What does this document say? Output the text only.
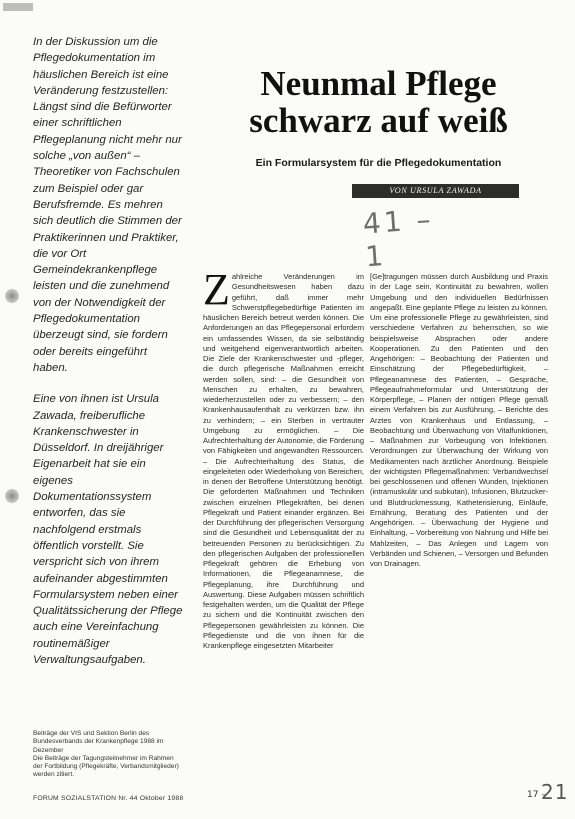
In der Diskussion um die Pflegedokumentation im häuslichen Bereich ist eine Veränderung festzustellen: Längst sind die Befürworter einer schriftlichen Pflegeplanung nicht mehr nur solche „von außen“ – Theoretiker von Fachschulen zum Beispiel oder gar Berufsfremde. Es mehren sich deutlich die Stimmen der Praktikerinnen und Praktiker, die vor Ort Gemeindekrankenpflege leisten und die zunehmend von der Notwendigkeit der Pflegedokumentation überzeugt sind, sie fordern oder bereits eingeführt haben.

Eine von ihnen ist Ursula Zawada, freiberufliche Krankenschwester in Düsseldorf. In dreijähriger Eigenarbeit hat sie ein eigenes Dokumentationssystem entworfen, das sie nachfolgend erstmals öffentlich vorstellt. Sie verspricht sich von ihrem aufeinander abgestimmten Formularsystem neben einer Qualitätssicherung der Pflege auch eine Vereinfachung routinemäßiger Verwaltungsaufgaben.

Neunmal Pflege
schwarz auf weiß
Ein Formularsystem für die Pflegedokumentation
VON URSULA ZAWADA
41 – 1
Z ahlreiche Veränderungen im Gesundheitswesen haben dazu geführt, daß immer mehr Schwerstpflegebedürftige Patienten im häuslichen Bereich betreut werden können. Die Anforderungen an das Pflegepersonal erfordern ein umfassendes Wissen, da sie selbständig und weitgehend eigenverantwortlich arbeiten. Die Ziele der Krankenschwester und -pfleger, die durch pflegerische Maßnahmen erreicht werden sollen, sind: – die Gesundheit von Menschen zu erhalten, zu bewahren, wiederherzustellen oder zu verbessern; – den Krankenhausaufenthalt zu verkürzen bzw. ihn zu verhindern; – ein Sterben in vertrauter Umgebung zu ermöglichen. – Die Aufrechterhaltung der Autonomie, die Förderung von Fähigkeiten und angewandten Ressourcen. – Die Aufrechterhaltung des Status, die eingeleiteten oder Wiederholung von Bereichen, in denen der Betroffene Unterstützung benötigt. Die geforderten Maßnahmen und Techniken zwischen einzelnen Pflegekräften, bei denen Pflegekraft und Patient einander ergänzen. Bei der Durchführung der pflegerischen Versorgung sind die Gesundheit und Lebensqualität der zu betreuenden Personen zu berücksichtigen. Zu den pflegerischen Aufgaben der professionellen Pflegekraft gehören die Erhebung von Informationen, die Pflegeanamnese, die Pflegeplanung, ihre Durchführung und Auswertung. Diese Aufgaben müssen schriftlich festgehalten werden, um die Qualität der Pflege zu sichern und die Kontinuität zwischen den Pflegepersonen gewährleisten zu können. Die Pflegedienste und die von ihnen für die Krankenpflege eingesetzten Mitarbeiter

[Ge]tragungen müssen durch Ausbildung und Praxis in der Lage sein, Kontinuität zu bewahren, wollen Umgebung und den individuellen Bedürfnissen angepaßt. Eine geplante Pflege zu leisten zu können. Um eine professionelle Pflege zu gewährleisten, sind verschiedene Verfahren zu beherrschen, so wie beispielsweise Absprachen oder andere Kooperationen. Zu den Patienten und den Angehörigen: – Beobachtung der Patienten und Einschätzung der Pflegebedürftigkeit, – Pflegeanamnese des Patienten, – Gespräche, Pflegeaufnahmeformular und Unterstützung der Körperpflege, – Planen der nötigen Pflege gemäß einem Verfahren bis zur Ausführung, – Berichte des Arztes von Krankenhaus und Entlassung, – Beobachtung und Überwachung von Vitalfunktionen, – Maßnahmen zur Vorbeugung von Infektionen. Verordnungen zur Überwachung der Wirkung von Medikamenten nach ärztlicher Anordnung. Beispiele der wichtigsten Pflegemaßnahmen: Verbandwechsel bei geschlossenen und offenen Wunden, Injektionen (intramuskulär und subkutan), Infusionen, Blutzucker- und Blutdruckmessung, Katheterisierung, Einläufe, Ernährung, Beratung des Patienten und der Angehörigen. – Überwachung der Hygiene und Einhaltung, – Vorbereitung von Nahrung und Hilfe bei Mahlzeiten, – Das Anlegen und Lagern von Verbänden und Schienen, – Versorgen und Befunden von Drainagen.

Beiträge der VIS und Sektion Berlin des Bundesverbands der Krankenpflege 1988 im Dezember

Die Beiträge der Tagungsteilnehmer im Rahmen der Fortbildung (Pflegekräfte, Verbandsmitglieder) werden zitiert.

FORUM SOZIALSTATION Nr. 44 Oktober 1988	17 –
21
